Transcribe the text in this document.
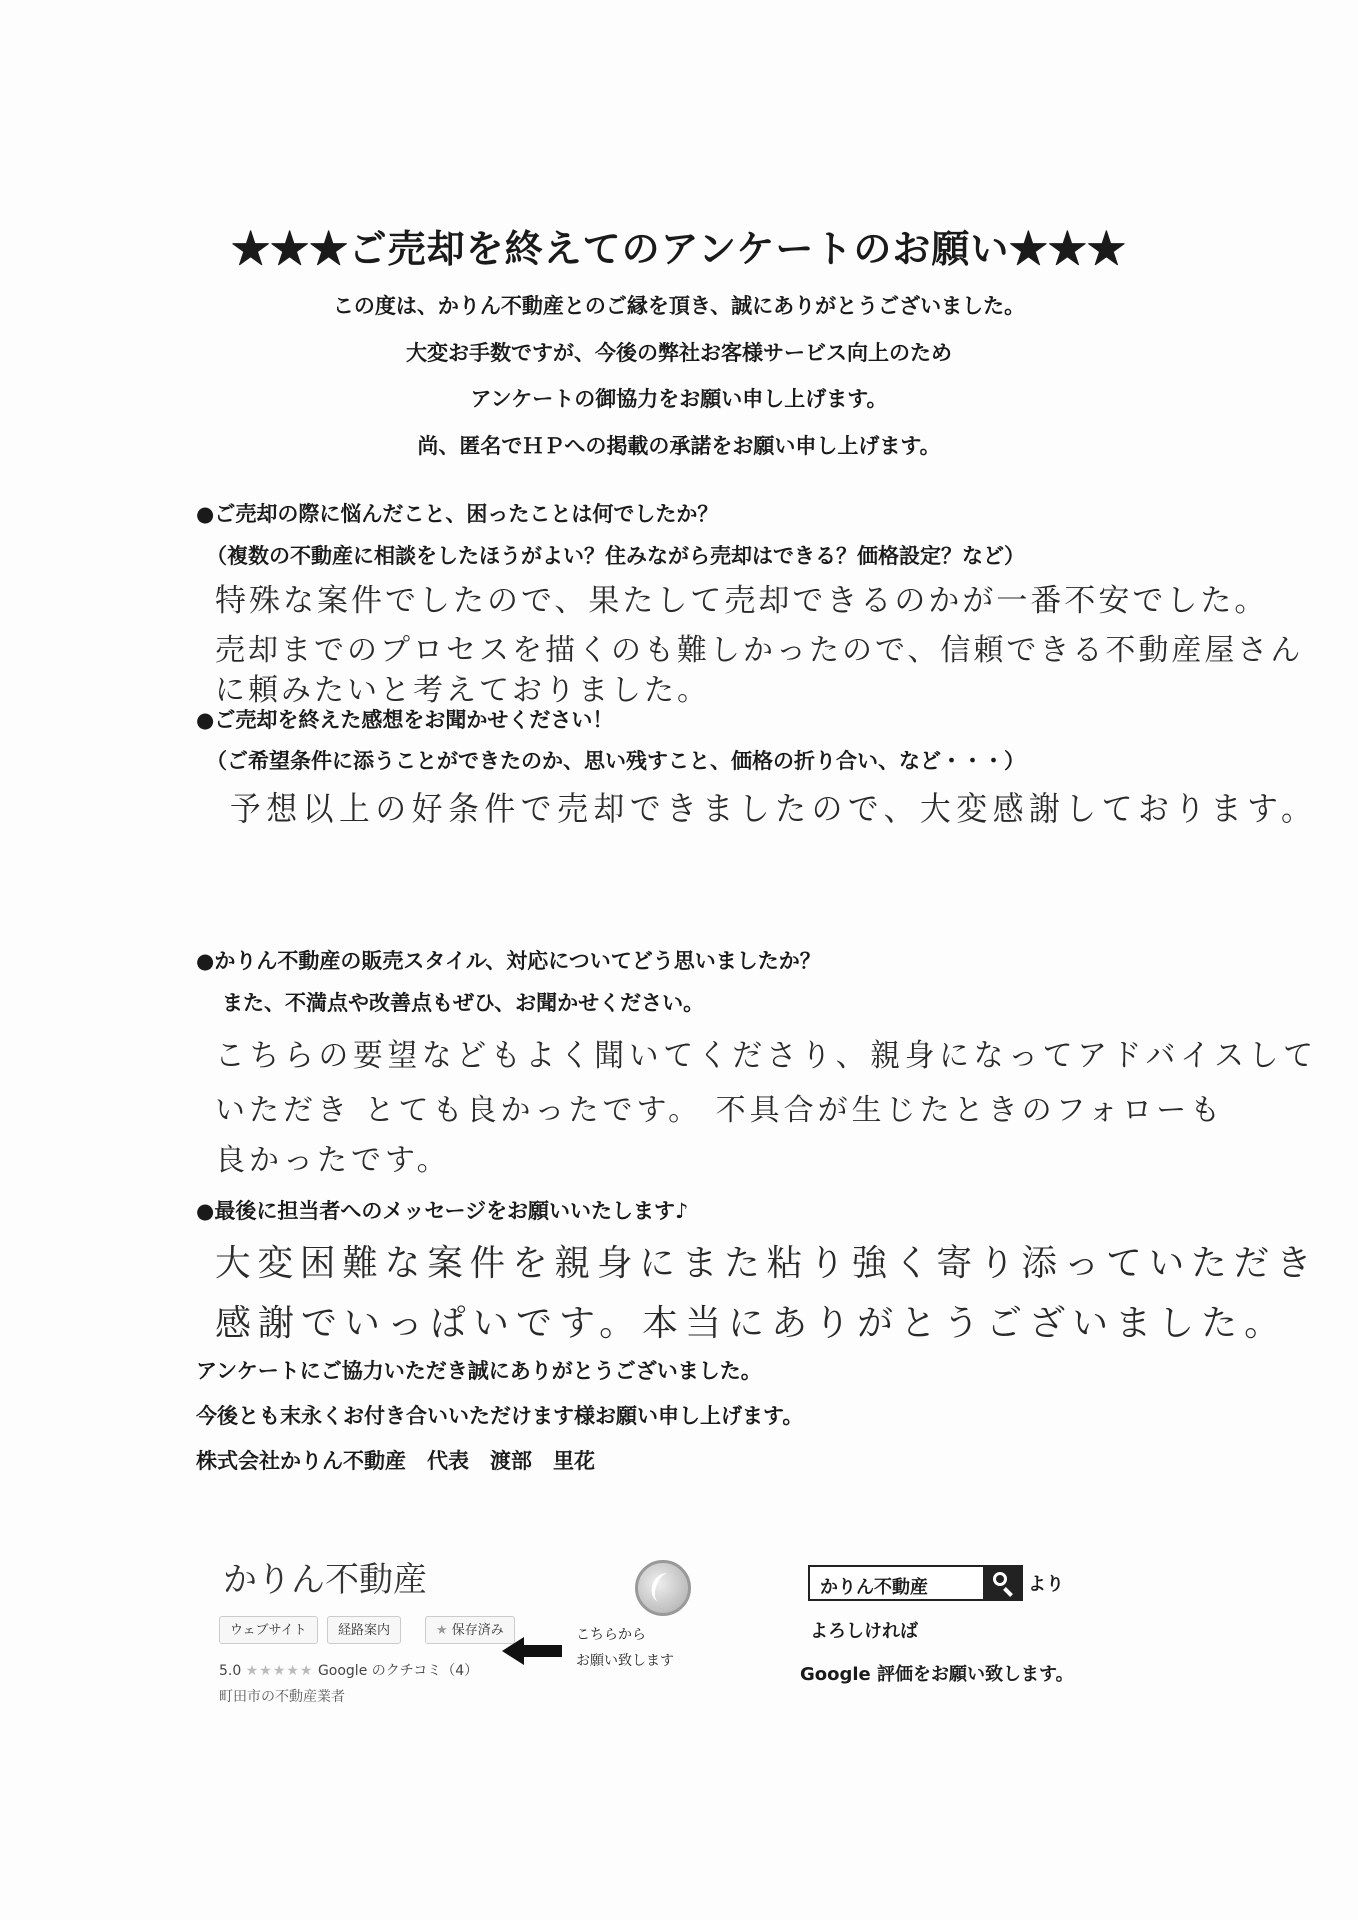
★★★ご売却を終えてのアンケートのお願い★★★
この度は、かりん不動産とのご縁を頂き、誠にありがとうございました。
大変お手数ですが、今後の弊社お客様サービス向上のため
アンケートの御協力をお願い申し上げます。
尚、匿名でＨＰへの掲載の承諾をお願い申し上げます。
●ご売却の際に悩んだこと、困ったことは何でしたか？
（複数の不動産に相談をしたほうがよい？住みながら売却はできる？価格設定？など）
特殊な案件でしたので、果たして売却できるのかが一番不安でした。
売却までのプロセスを描くのも難しかったので、信頼できる不動産屋さん
に頼みたいと考えておりました。
●ご売却を終えた感想をお聞かせください！
（ご希望条件に添うことができたのか、思い残すこと、価格の折り合い、など・・・）
予想以上の好条件で売却できましたので、大変感謝しております。
●かりん不動産の販売スタイル、対応についてどう思いましたか？
また、不満点や改善点もぜひ、お聞かせください。
こちらの要望などもよく聞いてくださり、親身になってアドバイスして
いただき とても良かったです。 不具合が生じたときのフォローも
良かったです。
●最後に担当者へのメッセージをお願いいたします♪
大変困難な案件を親身にまた粘り強く寄り添っていただき
感謝でいっぱいです。本当にありがとうございました。
アンケートにご協力いただき誠にありがとうございました。
今後とも末永くお付き合いいただけます様お願い申し上げます。
株式会社かりん不動産　代表　渡部　里花
かりん不動産
ウェブサイト	経路案内	★ 保存済み
5.0 ★★★★★ Google のクチコミ（4）
町田市の不動産業者
こちらから
お願い致します
かりん不動産	より
よろしければ
Google 評価をお願い致します。
